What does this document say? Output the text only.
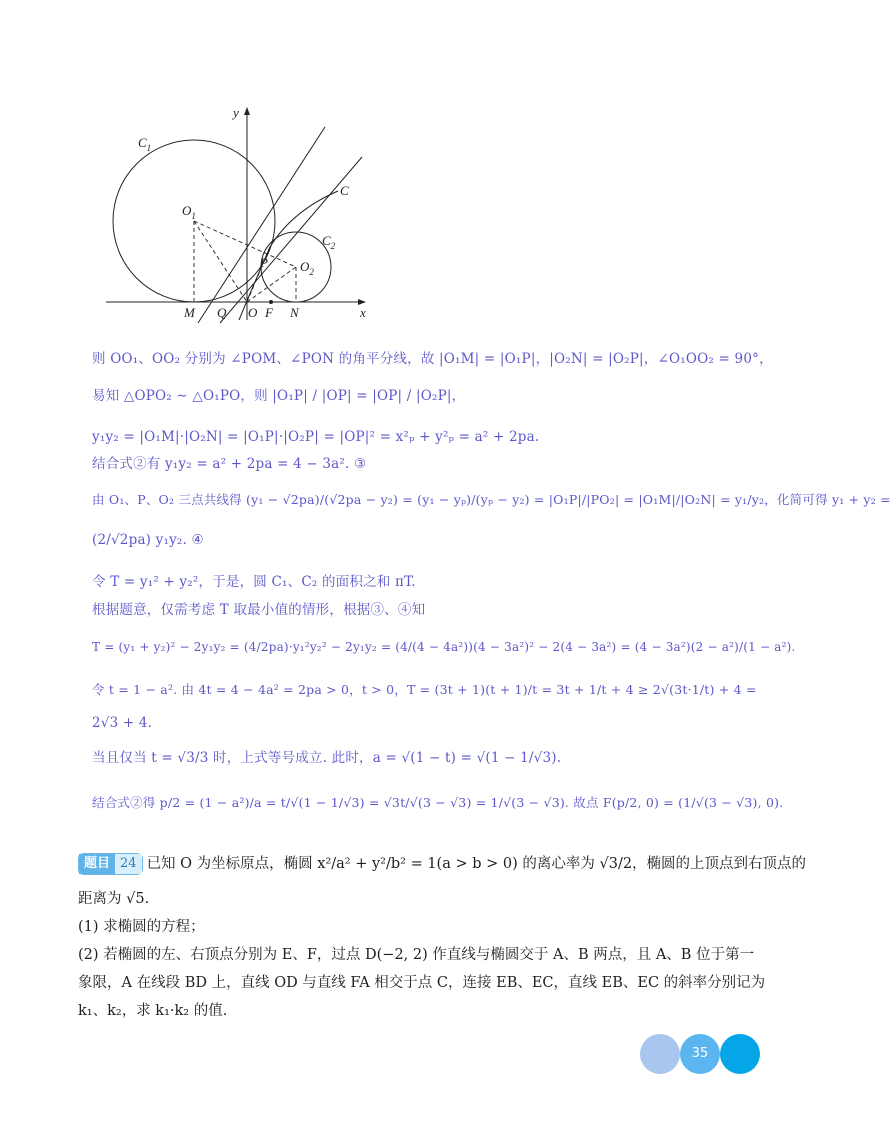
y
x
$C_1$
C
$C_2$
$O_1$
$O_2$
P
M Q O F N
则 OO₁、OO₂ 分别为 ∠POM、∠PON 的角平分线，故 |O₁M| = |O₁P|，|O₂N| = |O₂P|，∠O₁OO₂ = 90°，
易知 △OPO₂ ∼ △O₁PO，则 |O₁P| / |OP| = |OP| / |O₂P|，
y₁y₂ = |O₁M|·|O₂N| = |O₁P|·|O₂P| = |OP|² = x²ₚ + y²ₚ = a² + 2pa.
结合式②有 y₁y₂ = a² + 2pa = 4 − 3a². ③
由 O₁、P、O₂ 三点共线得 (y₁ − √2pa)/(√2pa − y₂) = (y₁ − yₚ)/(yₚ − y₂) = |O₁P|/|PO₂| = |O₁M|/|O₂N| = y₁/y₂，化简可得 y₁ + y₂ =
(2/√2pa) y₁y₂. ④
令 T = y₁² + y₂²，于是，圆 C₁、C₂ 的面积之和 πT.
根据题意，仅需考虑 T 取最小值的情形，根据③、④知
T = (y₁ + y₂)² − 2y₁y₂ = (4/2pa)·y₁²y₂² − 2y₁y₂ = (4/(4 − 4a²))(4 − 3a²)² − 2(4 − 3a²) = (4 − 3a²)(2 − a²)/(1 − a²).
令 t = 1 − a². 由 4t = 4 − 4a² = 2pa > 0，t > 0，T = (3t + 1)(t + 1)/t = 3t + 1/t + 4 ≥ 2√(3t·1/t) + 4 =
2√3 + 4.
当且仅当 t = √3/3 时，上式等号成立. 此时，a = √(1 − t) = √(1 − 1/√3).
结合式②得 p/2 = (1 − a²)/a = t/√(1 − 1/√3) = √3t/√(3 − √3) = 1/√(3 − √3). 故点 F(p/2, 0) = (1/√(3 − √3), 0).
题目 24 已知 O 为坐标原点，椭圆 x²/a² + y²/b² = 1(a > b > 0) 的离心率为 √3/2，椭圆的上顶点到右顶点的
距离为 √5.
(1) 求椭圆的方程；
(2) 若椭圆的左、右顶点分别为 E、F，过点 D(−2, 2) 作直线与椭圆交于 A、B 两点，且 A、B 位于第一
象限，A 在线段 BD 上，直线 OD 与直线 FA 相交于点 C，连接 EB、EC，直线 EB、EC 的斜率分别记为
k₁、k₂，求 k₁·k₂ 的值.
35
